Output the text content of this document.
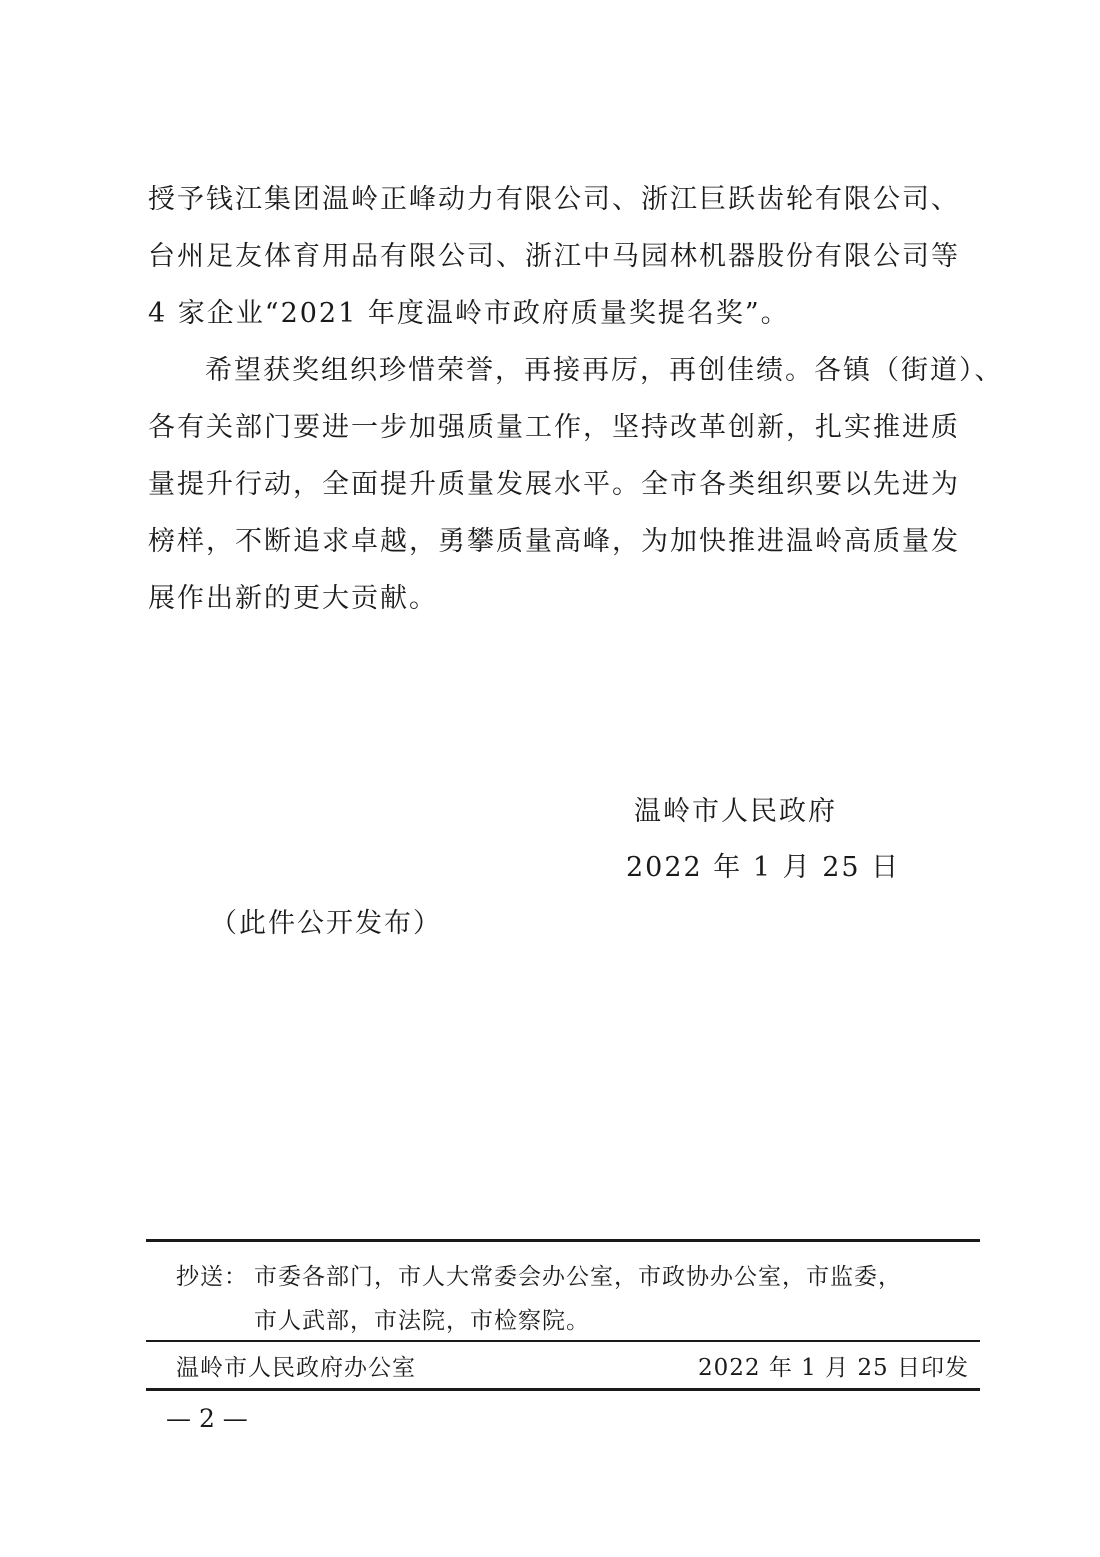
授予钱江集团温岭正峰动力有限公司、浙江巨跃齿轮有限公司、
台州足友体育用品有限公司、浙江中马园林机器股份有限公司等
4 家企业“2021 年度温岭市政府质量奖提名奖”。
希望获奖组织珍惜荣誉，再接再厉，再创佳绩。各镇（街道）、
各有关部门要进一步加强质量工作，坚持改革创新，扎实推进质
量提升行动，全面提升质量发展水平。全市各类组织要以先进为
榜样，不断追求卓越，勇攀质量高峰，为加快推进温岭高质量发
展作出新的更大贡献。
温岭市人民政府
2022 年 1 月 25 日
（此件公开发布）
抄送： 市委各部门，市人大常委会办公室，市政协办公室，市监委，
市人武部，市法院，市检察院。
温岭市人民政府办公室	2022 年 1 月 25 日印发
— 2 —
